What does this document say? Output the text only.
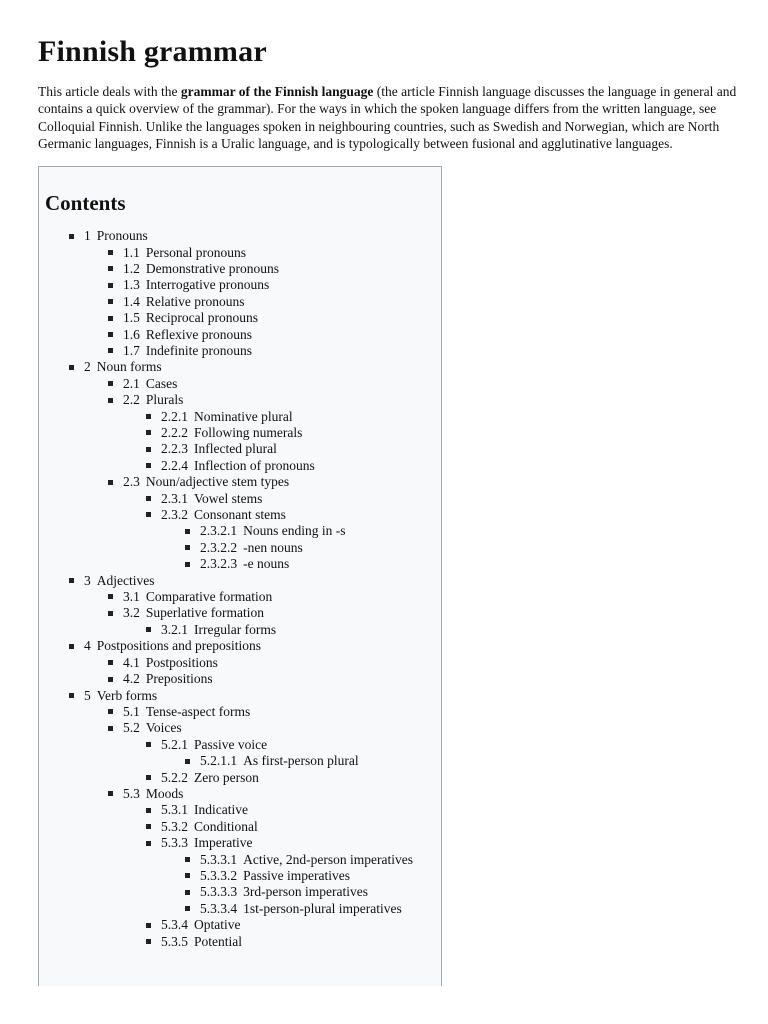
Finnish grammar

This article deals with the grammar of the Finnish language (the article Finnish language discusses the language in general and contains a quick overview of the grammar). For the ways in which the spoken language differs from the written language, see Colloquial Finnish. Unlike the languages spoken in neighbouring countries, such as Swedish and Norwegian, which are North Germanic languages, Finnish is a Uralic language, and is typologically between fusional and agglutinative languages.

Contents
1 Pronouns
1.1 Personal pronouns
1.2 Demonstrative pronouns
1.3 Interrogative pronouns
1.4 Relative pronouns
1.5 Reciprocal pronouns
1.6 Reflexive pronouns
1.7 Indefinite pronouns
2 Noun forms
2.1 Cases
2.2 Plurals
2.2.1 Nominative plural
2.2.2 Following numerals
2.2.3 Inflected plural
2.2.4 Inflection of pronouns
2.3 Noun/adjective stem types
2.3.1 Vowel stems
2.3.2 Consonant stems
2.3.2.1 Nouns ending in -s
2.3.2.2 -nen nouns
2.3.2.3 -e nouns
3 Adjectives
3.1 Comparative formation
3.2 Superlative formation
3.2.1 Irregular forms
4 Postpositions and prepositions
4.1 Postpositions
4.2 Prepositions
5 Verb forms
5.1 Tense-aspect forms
5.2 Voices
5.2.1 Passive voice
5.2.1.1 As first-person plural
5.2.2 Zero person
5.3 Moods
5.3.1 Indicative
5.3.2 Conditional
5.3.3 Imperative
5.3.3.1 Active, 2nd-person imperatives
5.3.3.2 Passive imperatives
5.3.3.3 3rd-person imperatives
5.3.3.4 1st-person-plural imperatives
5.3.4 Optative
5.3.5 Potential
